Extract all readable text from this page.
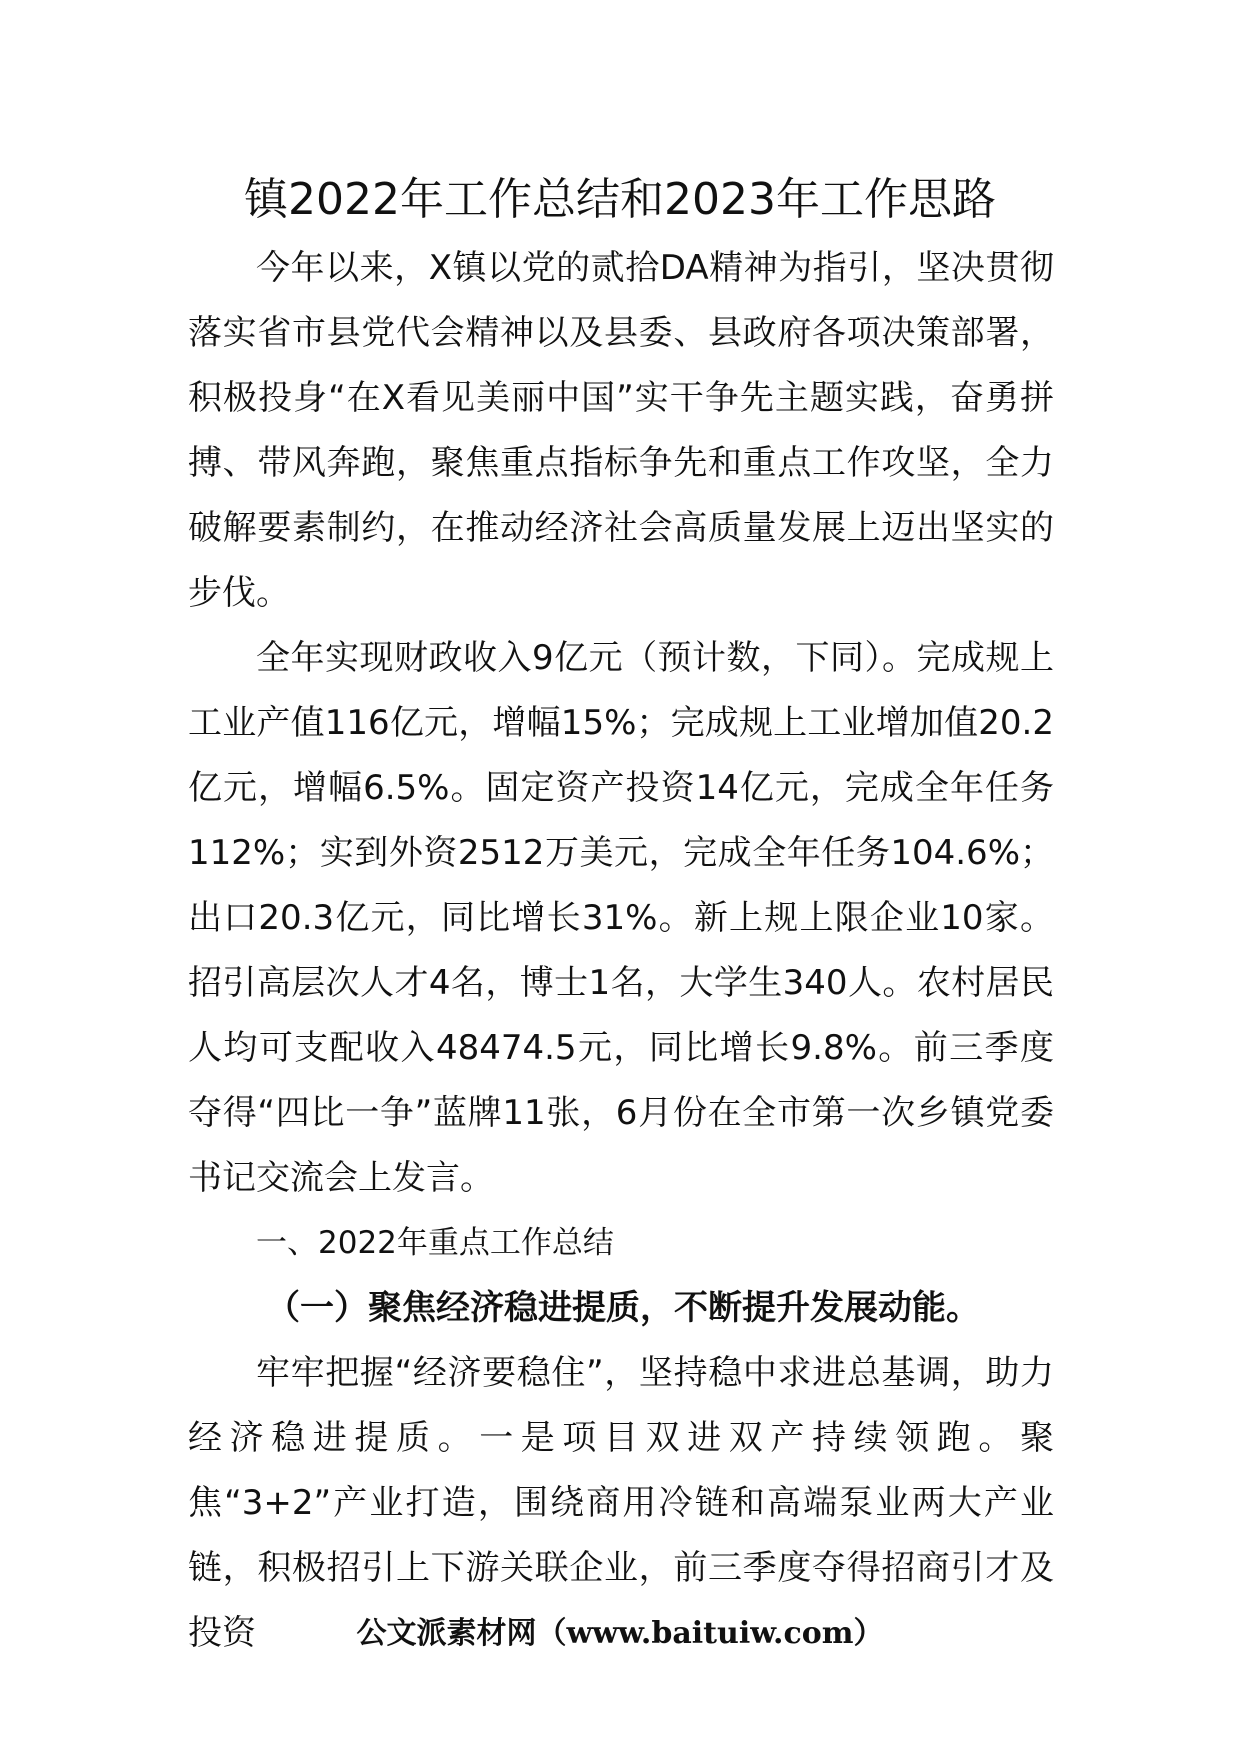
镇2022年工作总结和2023年工作思路

今年以来，X镇以党的贰拾DA精神为指引，坚决贯彻落实省市县党代会精神以及县委、县政府各项决策部署，积极投身“在X看见美丽中国”实干争先主题实践，奋勇拼搏、带风奔跑，聚焦重点指标争先和重点工作攻坚，全力破解要素制约，在推动经济社会高质量发展上迈出坚实的步伐。

全年实现财政收入9亿元（预计数，下同）。完成规上工业产值116亿元，增幅15%；完成规上工业增加值20.2亿元，增幅6.5%。固定资产投资14亿元，完成全年任务112%；实到外资2512万美元，完成全年任务104.6%；出口20.3亿元，同比增长31%。新上规上限企业10家。招引高层次人才4名，博士1名，大学生340人。农村居民人均可支配收入48474.5元，同比增长9.8%。前三季度夺得“四比一争”蓝牌11张，6月份在全市第一次乡镇党委书记交流会上发言。

一、2022年重点工作总结

（一）聚焦经济稳进提质，不断提升发展动能。

牢牢把握“经济要稳住”，坚持稳中求进总基调，助力经济稳进提质。一是项目双进双产持续领跑。聚焦“3+2”产业打造，围绕商用冷链和高端泵业两大产业链，积极招引上下游关联企业，前三季度夺得招商引才及投资	公文派素材网（www.baituiw.com）
